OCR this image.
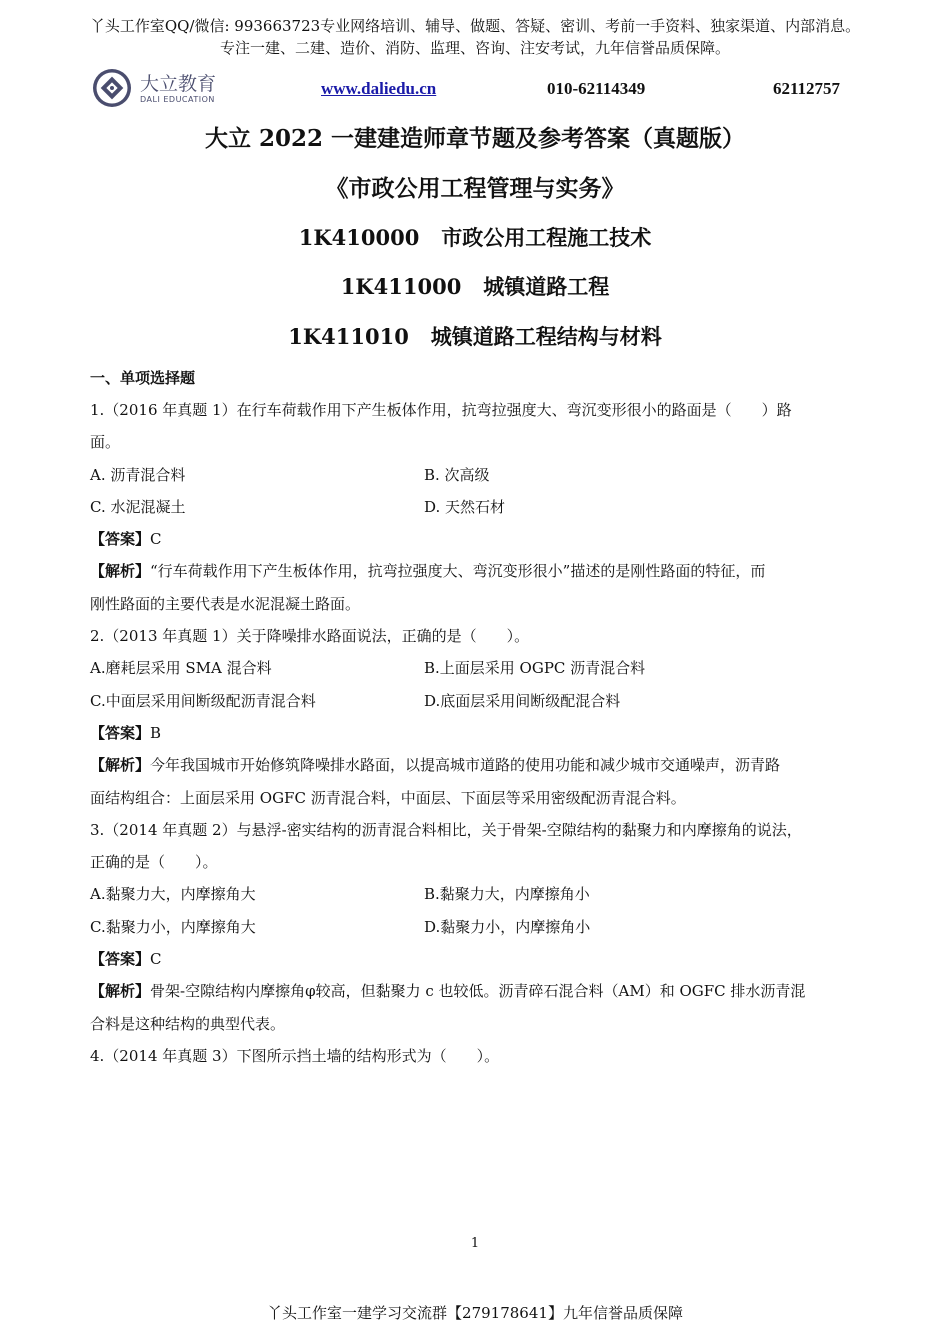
丫头工作室QQ/微信: 993663723专业网络培训、辅导、做题、答疑、密训、考前一手资料、独家渠道、内部消息。
专注一建、二建、造价、消防、监理、咨询、注安考试，九年信誉品质保障。
大立教育
DALI EDUCATION
www.daliedu.cn	010-62114349	62112757
大立 2022 一建建造师章节题及参考答案（真题版）
《市政公用工程管理与实务》
1K410000   市政公用工程施工技术
1K411000   城镇道路工程
1K411010   城镇道路工程结构与材料
一、单项选择题
1.（2016 年真题 1）在行车荷载作用下产生板体作用，抗弯拉强度大、弯沉变形很小的路面是（　　）路
面。
A. 沥青混合料	B. 次高级
C. 水泥混凝土	D. 天然石材
【答案】C
【解析】“行车荷载作用下产生板体作用，抗弯拉强度大、弯沉变形很小”描述的是刚性路面的特征，而
刚性路面的主要代表是水泥混凝土路面。
2.（2013 年真题 1）关于降噪排水路面说法，正确的是（　　）。
A.磨耗层采用 SMA 混合料	B.上面层采用 OGPC 沥青混合料
C.中面层采用间断级配沥青混合料	D.底面层采用间断级配混合料
【答案】B
【解析】今年我国城市开始修筑降噪排水路面，以提高城市道路的使用功能和减少城市交通噪声，沥青路
面结构组合：上面层采用 OGFC 沥青混合料，中面层、下面层等采用密级配沥青混合料。
3.（2014 年真题 2）与悬浮-密实结构的沥青混合料相比，关于骨架-空隙结构的黏聚力和内摩擦角的说法，
正确的是（　　）。
A.黏聚力大，内摩擦角大	B.黏聚力大，内摩擦角小
C.黏聚力小，内摩擦角大	D.黏聚力小，内摩擦角小
【答案】C
【解析】骨架-空隙结构内摩擦角φ较高，但黏聚力 c 也较低。沥青碎石混合料（AM）和 OGFC 排水沥青混
合料是这种结构的典型代表。
4.（2014 年真题 3）下图所示挡土墙的结构形式为（　　）。
1
丫头工作室一建学习交流群【279178641】九年信誉品质保障
